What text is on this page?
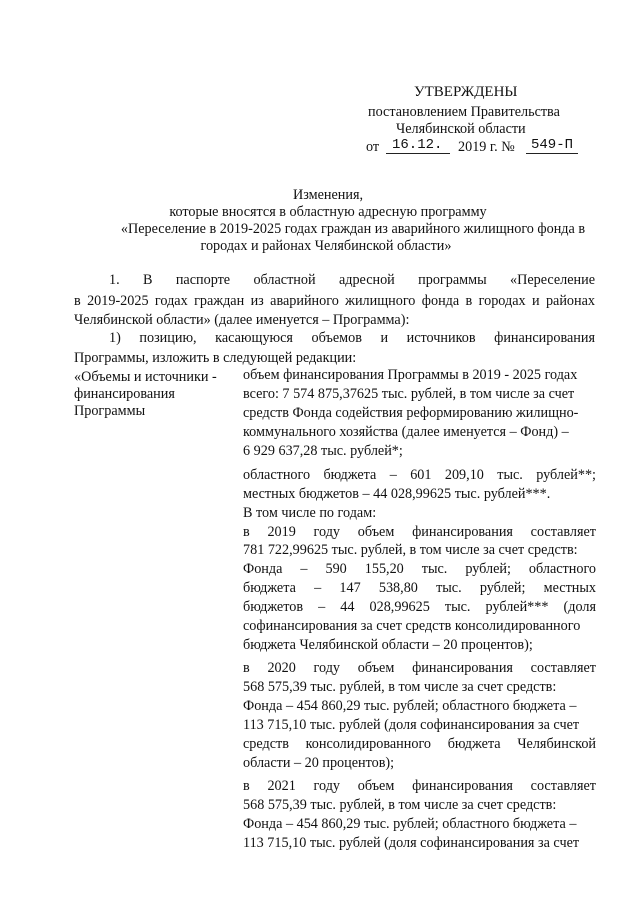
УТВЕРЖДЕНЫ
постановлением Правительства
Челябинской области
от 16.12. 2019 г. № 549-П
Изменения,
которые вносятся в областную адресную программу
«Переселение в 2019-2025 годах граждан из аварийного жилищного фонда в
городах и районах Челябинской области»
1. В паспорте областной адресной программы «Переселение
в 2019-2025 годах граждан из аварийного жилищного фонда в городах и районах
Челябинской области» (далее именуется – Программа):
1) позицию, касающуюся объемов и источников финансирования
Программы, изложить в следующей редакции:
«Объемы и источники -
финансирования
Программы
объем финансирования Программы в 2019 - 2025 годах
всего: 7 574 875,37625 тыс. рублей, в том числе за счет
средств Фонда содействия реформированию жилищно-
коммунального хозяйства (далее именуется – Фонд) –
6 929 637,28 тыс. рублей*;
областного бюджета – 601 209,10 тыс. рублей**;
местных бюджетов – 44 028,99625 тыс. рублей***.
В том числе по годам:
в 2019 году объем финансирования составляет
781 722,99625 тыс. рублей, в том числе за счет средств:
Фонда – 590 155,20 тыс. рублей; областного
бюджета – 147 538,80 тыс. рублей; местных
бюджетов – 44 028,99625 тыс. рублей*** (доля
софинансирования за счет средств консолидированного
бюджета Челябинской области – 20 процентов);
в 2020 году объем финансирования составляет
568 575,39 тыс. рублей, в том числе за счет средств:
Фонда – 454 860,29 тыс. рублей; областного бюджета –
113 715,10 тыс. рублей (доля софинансирования за счет
средств консолидированного бюджета Челябинской
области – 20 процентов);
в 2021 году объем финансирования составляет
568 575,39 тыс. рублей, в том числе за счет средств:
Фонда – 454 860,29 тыс. рублей; областного бюджета –
113 715,10 тыс. рублей (доля софинансирования за счет
